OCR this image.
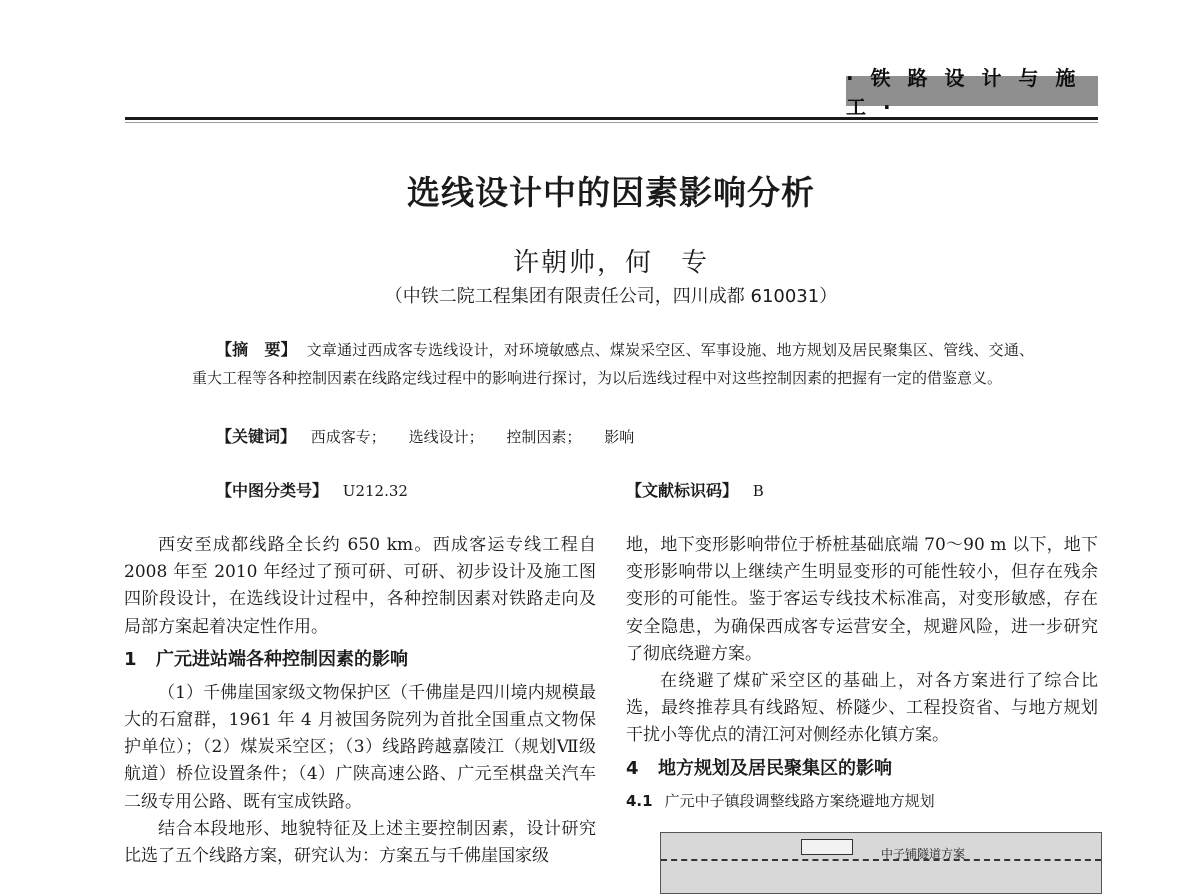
· 铁 路 设 计 与 施 工 ·
选线设计中的因素影响分析
许朝帅，何　专
（中铁二院工程集团有限责任公司，四川成都 610031）
【摘　要】 文章通过西成客专选线设计，对环境敏感点、煤炭采空区、军事设施、地方规划及居民聚集区、管线、交通、重大工程等各种控制因素在线路定线过程中的影响进行探讨，为以后选线过程中对这些控制因素的把握有一定的借鉴意义。
【关键词】 西成客专； 选线设计； 控制因素； 影响
【中图分类号】 U212.32	【文献标识码】 B

西安至成都线路全长约 650 km。西成客运专线工程自 2008 年至 2010 年经过了预可研、可研、初步设计及施工图四阶段设计，在选线设计过程中，各种控制因素对铁路走向及局部方案起着决定性作用。

1 广元进站端各种控制因素的影响

（1）千佛崖国家级文物保护区（千佛崖是四川境内规模最大的石窟群，1961 年 4 月被国务院列为首批全国重点文物保护单位）；（2）煤炭采空区；（3）线路跨越嘉陵江（规划Ⅶ级航道）桥位设置条件；（4）广陕高速公路、广元至棋盘关汽车二级专用公路、既有宝成铁路。

结合本段地形、地貌特征及上述主要控制因素，设计研究比选了五个线路方案，研究认为：方案五与千佛崖国家级

地，地下变形影响带位于桥桩基础底端 70～90 m 以下，地下变形影响带以上继续产生明显变形的可能性较小，但存在残余变形的可能性。鉴于客运专线技术标准高，对变形敏感，存在安全隐患，为确保西成客专运营安全，规避风险，进一步研究了彻底绕避方案。

在绕避了煤矿采空区的基础上，对各方案进行了综合比选，最终推荐具有线路短、桥隧少、工程投资省、与地方规划干扰小等优点的清江河对侧经赤化镇方案。

4 地方规划及居民聚集区的影响
4.1 广元中子镇段调整线路方案绕避地方规划
中子铺隧道方案
